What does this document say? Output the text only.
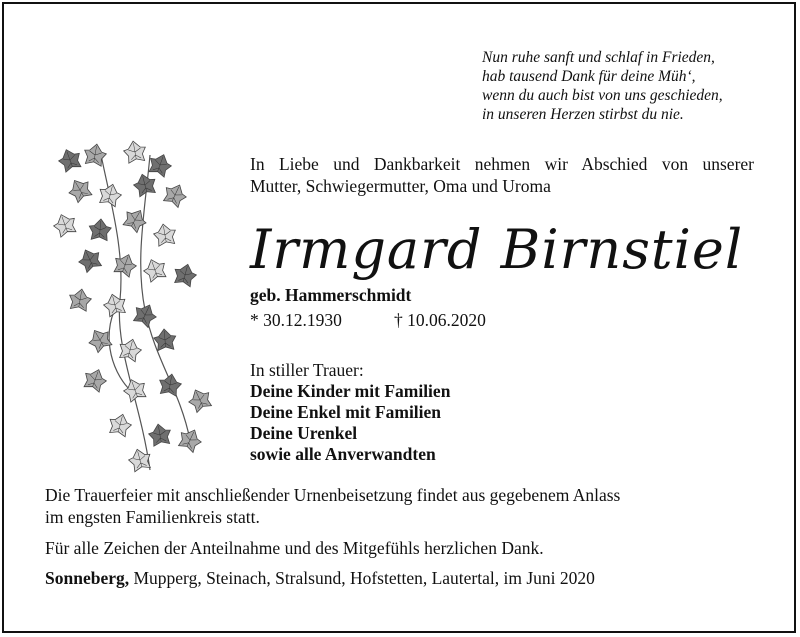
Nun ruhe sanft und schlaf in Frieden,
hab tausend Dank für deine Müh‘,
wenn du auch bist von uns geschieden,
in unseren Herzen stirbst du nie.
In Liebe und Dankbarkeit nehmen wir Abschied von unserer
Mutter, Schwiegermutter, Oma und Uroma
Irmgard Birnstiel
geb. Hammerschmidt
* 30.12.1930	† 10.06.2020
In stiller Trauer:
Deine Kinder mit Familien
Deine Enkel mit Familien
Deine Urenkel
sowie alle Anverwandten
Die Trauerfeier mit anschließender Urnenbeisetzung findet aus gegebenem Anlass
im engsten Familienkreis statt.
Für alle Zeichen der Anteilnahme und des Mitgefühls herzlichen Dank.
Sonneberg, Mupperg, Steinach, Stralsund, Hofstetten, Lautertal, im Juni 2020
